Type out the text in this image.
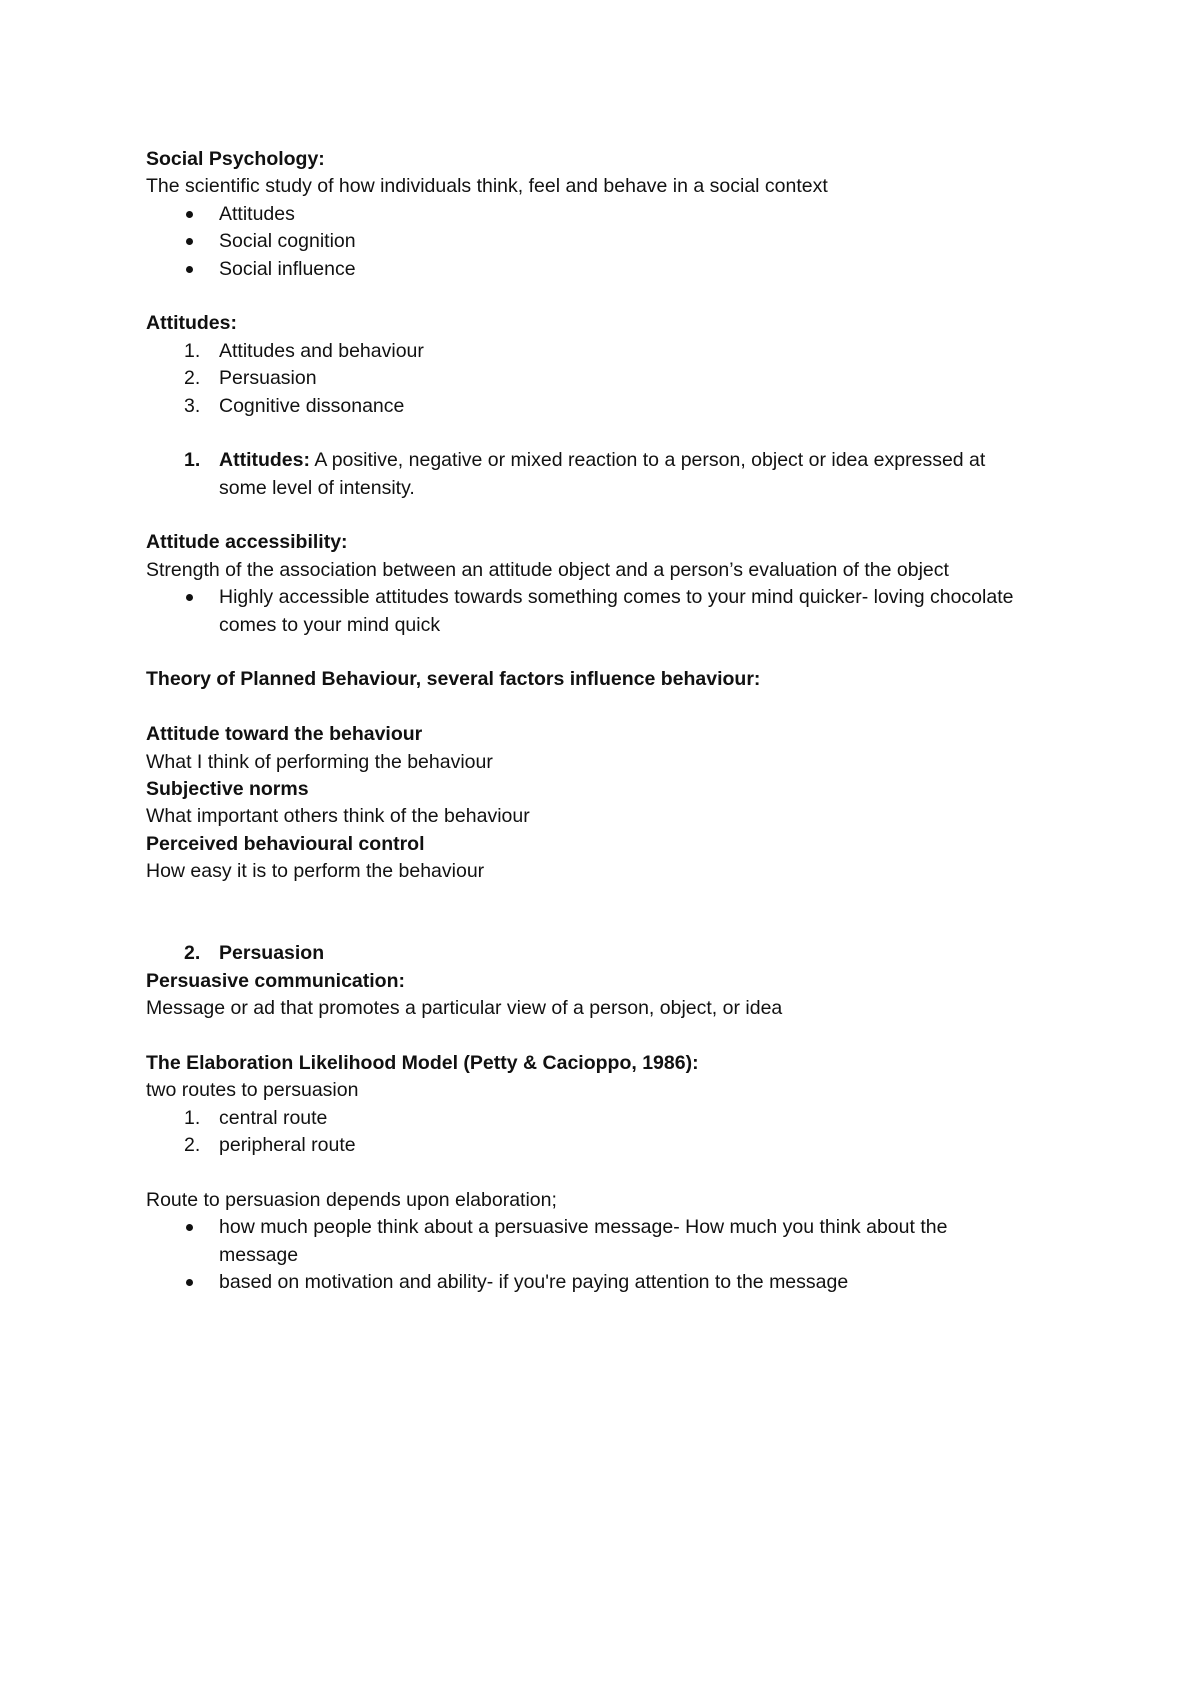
Social Psychology:
The scientific study of how individuals think, feel and behave in a social context
Attitudes
Social cognition
Social influence
Attitudes:
1. Attitudes and behaviour
2. Persuasion
3. Cognitive dissonance
1. Attitudes: A positive, negative or mixed reaction to a person, object or idea expressed at
some level of intensity.
Attitude accessibility:
Strength of the association between an attitude object and a person’s evaluation of the object
Highly accessible attitudes towards something comes to your mind quicker- loving chocolate
comes to your mind quick
Theory of Planned Behaviour, several factors influence behaviour:
Attitude toward the behaviour
What I think of performing the behaviour
Subjective norms
What important others think of the behaviour
Perceived behavioural control
How easy it is to perform the behaviour
2. Persuasion
Persuasive communication:
Message or ad that promotes a particular view of a person, object, or idea
The Elaboration Likelihood Model (Petty & Cacioppo, 1986):
two routes to persuasion
1. central route
2. peripheral route
Route to persuasion depends upon elaboration;
how much people think about a persuasive message- How much you think about the
message
based on motivation and ability- if you're paying attention to the message
